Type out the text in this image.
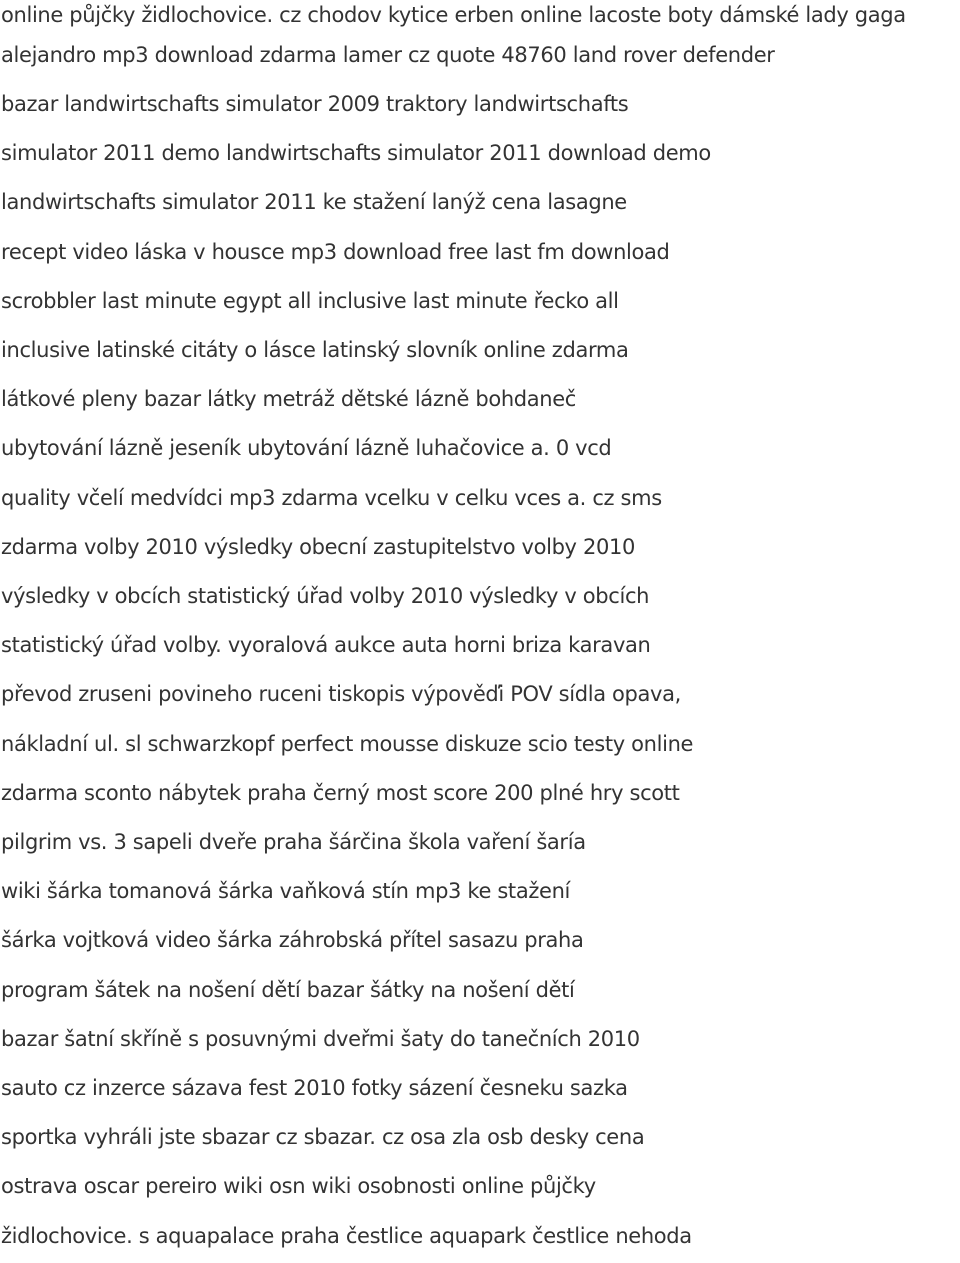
online půjčky židlochovice. cz chodov kytice erben online lacoste boty dámské lady gaga
alejandro mp3 download zdarma lamer cz quote 48760 land rover defender
bazar landwirtschafts simulator 2009 traktory landwirtschafts
simulator 2011 demo landwirtschafts simulator 2011 download demo
landwirtschafts simulator 2011 ke stažení lanýž cena lasagne
recept video láska v housce mp3 download free last fm download
scrobbler last minute egypt all inclusive last minute řecko all
inclusive latinské citáty o lásce latinský slovník online zdarma
látkové pleny bazar látky metráž dětské lázně bohdaneč
ubytování lázně jeseník ubytování lázně luhačovice a. 0 vcd
quality včelí medvídci mp3 zdarma vcelku v celku vces a. cz sms
zdarma volby 2010 výsledky obecní zastupitelstvo volby 2010
výsledky v obcích statistický úřad volby 2010 výsledky v obcích
statistický úřad volby. vyoralová aukce auta horni briza karavan
převod zruseni povineho ruceni tiskopis výpověďi POV sídla opava,
nákladní ul. sl schwarzkopf perfect mousse diskuze scio testy online
zdarma sconto nábytek praha černý most score 200 plné hry scott
pilgrim vs. 3 sapeli dveře praha šárčina škola vaření šaría
wiki šárka tomanová šárka vaňková stín mp3 ke stažení
šárka vojtková video šárka záhrobská přítel sasazu praha
program šátek na nošení dětí bazar šátky na nošení dětí
bazar šatní skříně s posuvnými dveřmi šaty do tanečních 2010
sauto cz inzerce sázava fest 2010 fotky sázení česneku sazka
sportka vyhráli jste sbazar cz sbazar. cz osa zla osb desky cena
ostrava oscar pereiro wiki osn wiki osobnosti online půjčky
židlochovice. s aquapalace praha čestlice aquapark čestlice nehoda
